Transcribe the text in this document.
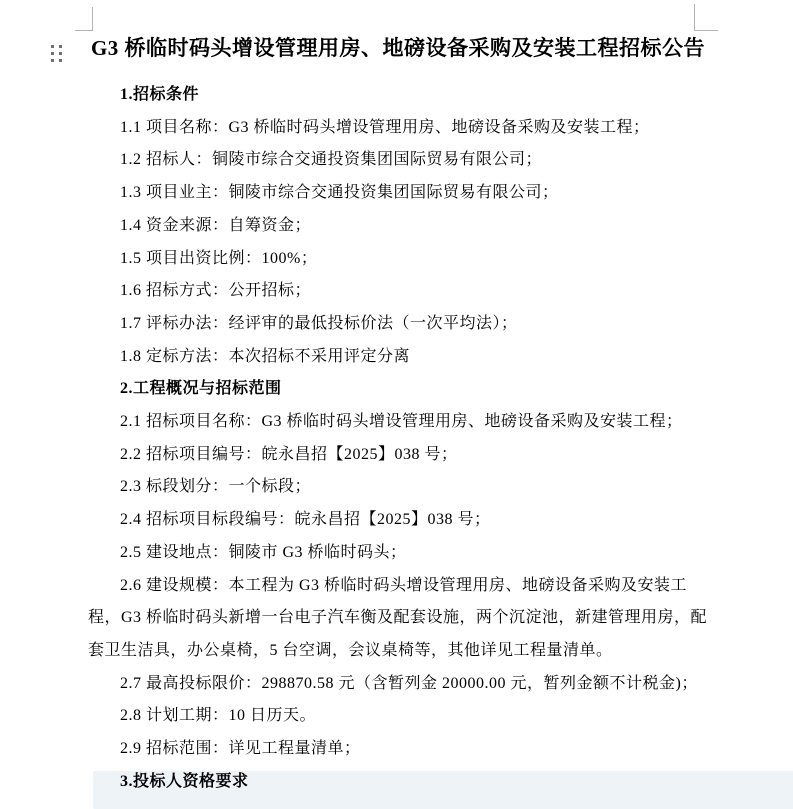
G3 桥临时码头增设管理用房、地磅设备采购及安装工程招标公告

1.招标条件

1.1 项目名称：G3 桥临时码头增设管理用房、地磅设备采购及安装工程；

1.2 招标人：铜陵市综合交通投资集团国际贸易有限公司；

1.3 项目业主：铜陵市综合交通投资集团国际贸易有限公司；

1.4 资金来源：自筹资金；

1.5 项目出资比例：100%；

1.6 招标方式：公开招标；

1.7 评标办法：经评审的最低投标价法（一次平均法）；

1.8 定标方法：本次招标不采用评定分离

2.工程概况与招标范围

2.1 招标项目名称：G3 桥临时码头增设管理用房、地磅设备采购及安装工程；

2.2 招标项目编号：皖永昌招【2025】038 号；

2.3 标段划分：一个标段；

2.4 招标项目标段编号：皖永昌招【2025】038 号；

2.5 建设地点：铜陵市 G3 桥临时码头；

2.6 建设规模：本工程为 G3 桥临时码头增设管理用房、地磅设备采购及安装工程，G3 桥临时码头新增一台电子汽车衡及配套设施，两个沉淀池，新建管理用房，配套卫生洁具，办公桌椅，5 台空调，会议桌椅等，其他详见工程量清单。

2.7 最高投标限价：298870.58 元（含暂列金 20000.00 元，暂列金额不计税金)；

2.8 计划工期：10 日历天。

2.9 招标范围：详见工程量清单；

3.投标人资格要求
